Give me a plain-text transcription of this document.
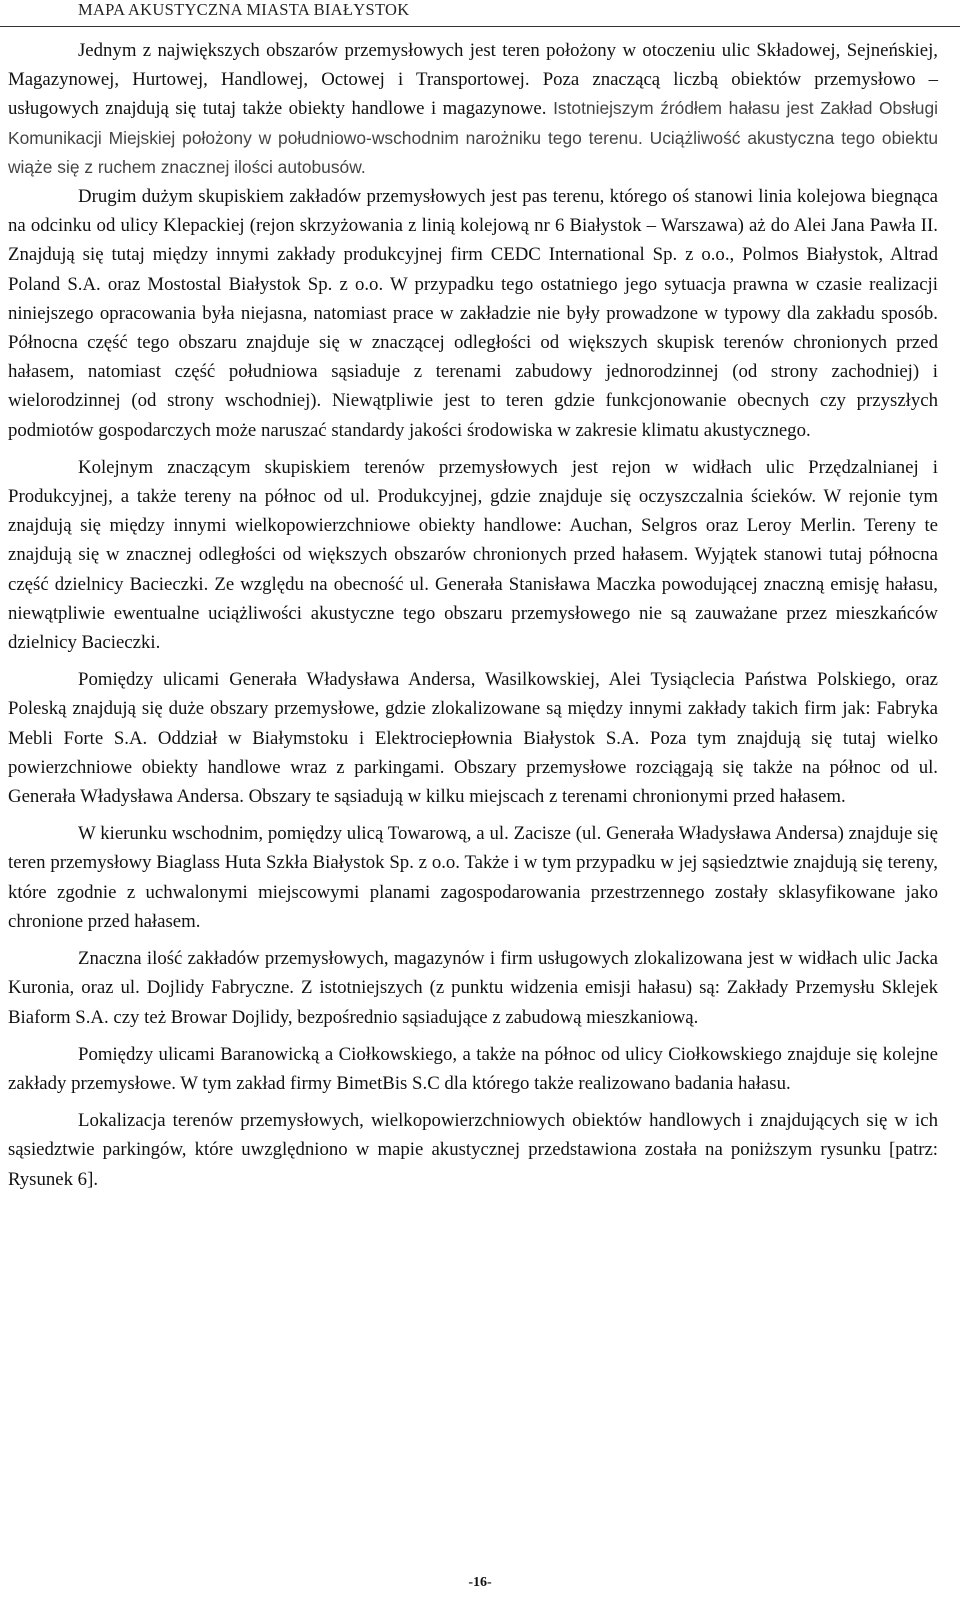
MAPA AKUSTYCZNA MIASTA BIAŁYSTOK

Jednym z największych obszarów przemysłowych jest teren położony w otoczeniu ulic Składowej, Sejneńskiej, Magazynowej, Hurtowej, Handlowej, Octowej i Transportowej. Poza znaczącą liczbą obiektów przemysłowo – usługowych znajdują się tutaj także obiekty handlowe i magazynowe. Istotniejszym źródłem hałasu jest Zakład Obsługi Komunikacji Miejskiej położony w południowo-wschodnim narożniku tego terenu. Uciążliwość akustyczna tego obiektu wiąże się z ruchem znacznej ilości autobusów.

Drugim dużym skupiskiem zakładów przemysłowych jest pas terenu, którego oś stanowi linia kolejowa biegnąca na odcinku od ulicy Klepackiej (rejon skrzyżowania z linią kolejową nr 6 Białystok – Warszawa) aż do Alei Jana Pawła II. Znajdują się tutaj między innymi zakłady produkcyjnej firm CEDC International Sp. z o.o., Polmos Białystok, Altrad Poland S.A. oraz Mostostal Białystok Sp. z o.o. W przypadku tego ostatniego jego sytuacja prawna w czasie realizacji niniejszego opracowania była niejasna, natomiast prace w zakładzie nie były prowadzone w typowy dla zakładu sposób. Północna część tego obszaru znajduje się w znaczącej odległości od większych skupisk terenów chronionych przed hałasem, natomiast część południowa sąsiaduje z terenami zabudowy jednorodzinnej (od strony zachodniej) i wielorodzinnej (od strony wschodniej). Niewątpliwie jest to teren gdzie funkcjonowanie obecnych czy przyszłych podmiotów gospodarczych może naruszać standardy jakości środowiska w zakresie klimatu akustycznego.

Kolejnym znaczącym skupiskiem terenów przemysłowych jest rejon w widłach ulic Przędzalnianej i Produkcyjnej, a także tereny na północ od ul. Produkcyjnej, gdzie znajduje się oczyszczalnia ścieków. W rejonie tym znajdują się między innymi wielkopowierzchniowe obiekty handlowe: Auchan, Selgros oraz Leroy Merlin. Tereny te znajdują się w znacznej odległości od większych obszarów chronionych przed hałasem. Wyjątek stanowi tutaj północna część dzielnicy Bacieczki. Ze względu na obecność ul. Generała Stanisława Maczka powodującej znaczną emisję hałasu, niewątpliwie ewentualne uciążliwości akustyczne tego obszaru przemysłowego nie są zauważane przez mieszkańców dzielnicy Bacieczki.

Pomiędzy ulicami Generała Władysława Andersa, Wasilkowskiej, Alei Tysiąclecia Państwa Polskiego, oraz Poleską znajdują się duże obszary przemysłowe, gdzie zlokalizowane są między innymi zakłady takich firm jak: Fabryka Mebli Forte S.A. Oddział w Białymstoku i Elektrociepłownia Białystok S.A. Poza tym znajdują się tutaj wielko powierzchniowe obiekty handlowe wraz z parkingami. Obszary przemysłowe rozciągają się także na północ od ul. Generała Władysława Andersa. Obszary te sąsiadują w kilku miejscach z terenami chronionymi przed hałasem.

W kierunku wschodnim, pomiędzy ulicą Towarową, a ul. Zacisze (ul. Generała Władysława Andersa) znajduje się teren przemysłowy Biaglass Huta Szkła Białystok Sp. z o.o. Także i w tym przypadku w jej sąsiedztwie znajdują się tereny, które zgodnie z uchwalonymi miejscowymi planami zagospodarowania przestrzennego zostały sklasyfikowane jako chronione przed hałasem.

Znaczna ilość zakładów przemysłowych, magazynów i firm usługowych zlokalizowana jest w widłach ulic Jacka Kuronia, oraz ul. Dojlidy Fabryczne. Z istotniejszych (z punktu widzenia emisji hałasu) są: Zakłady Przemysłu Sklejek Biaform S.A. czy też Browar Dojlidy, bezpośrednio sąsiadujące z zabudową mieszkaniową.

Pomiędzy ulicami Baranowicką a Ciołkowskiego, a także na północ od ulicy Ciołkowskiego znajduje się kolejne zakłady przemysłowe. W tym zakład firmy BimetBis S.C dla którego także realizowano badania hałasu.

Lokalizacja terenów przemysłowych, wielkopowierzchniowych obiektów handlowych i znajdujących się w ich sąsiedztwie parkingów, które uwzględniono w mapie akustycznej przedstawiona została na poniższym rysunku [patrz: Rysunek 6].

-16-
